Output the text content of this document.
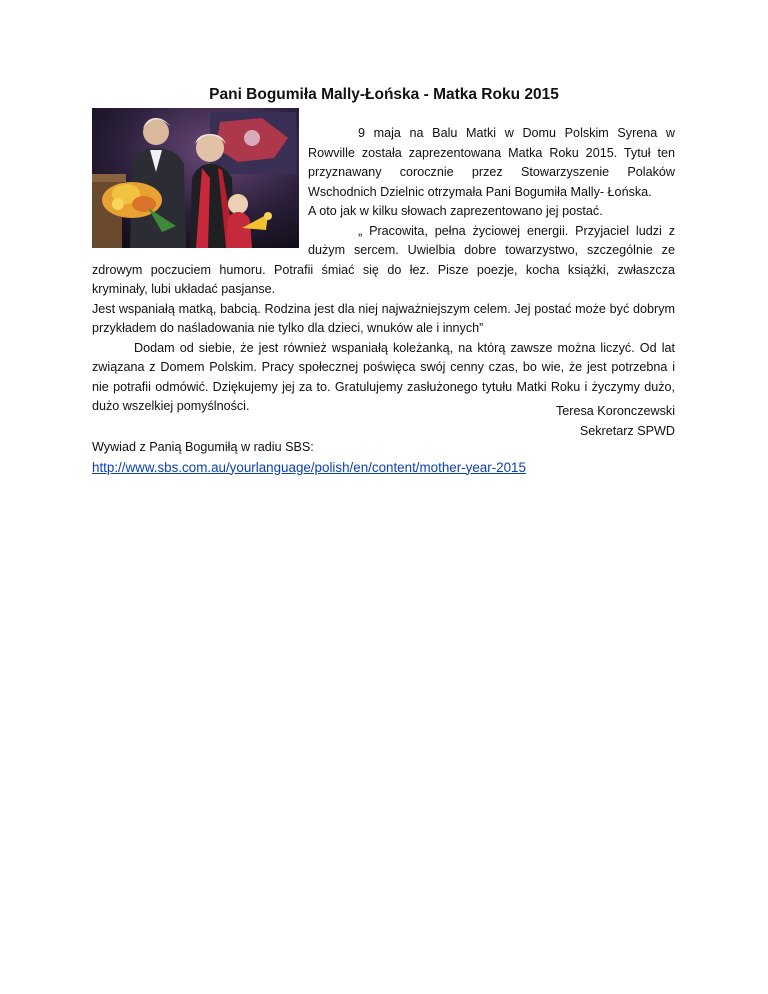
Pani Bogumiła Mally-Łońska - Matka Roku 2015

9 maja na Balu Matki w Domu Polskim Syrena w Rowville została zaprezentowana Matka Roku 2015. Tytuł ten przyznawany corocznie przez Stowarzyszenie Polaków Wschodnich Dzielnic otrzymała Pani Bogumiła Mally- Łońska.

A oto jak w kilku słowach zaprezentowano jej postać.

„ Pracowita, pełna życiowej energii. Przyjaciel ludzi z dużym sercem. Uwielbia dobre towarzystwo, szczególnie ze zdrowym poczuciem humoru. Potrafii śmiać się do łez. Pisze poezje, kocha książki, zwłaszcza kryminały, lubi układać pasjanse.

Jest wspaniałą matką, babcią. Rodzina jest dla niej najważniejszym celem. Jej postać może być dobrym przykładem do naśladowania nie tylko dla dzieci, wnuków ale i innych”

Dodam od siebie, że jest również wspaniałą koleżanką, na którą zawsze można liczyć. Od lat związana z Domem Polskim. Pracy społecznej poświęca swój cenny czas, bo wie, że jest potrzebna i nie potrafii odmówić. Dziękujemy jej za to. Gratulujemy zasłużonego tytułu Matki Roku i życzymy dużo, dużo wszelkiej pomyślności.	Teresa Koronczewski
Sekretarz SPWD
Wywiad z Panią Bogumiłą w radiu SBS:
http://www.sbs.com.au/yourlanguage/polish/en/content/mother-year-2015
